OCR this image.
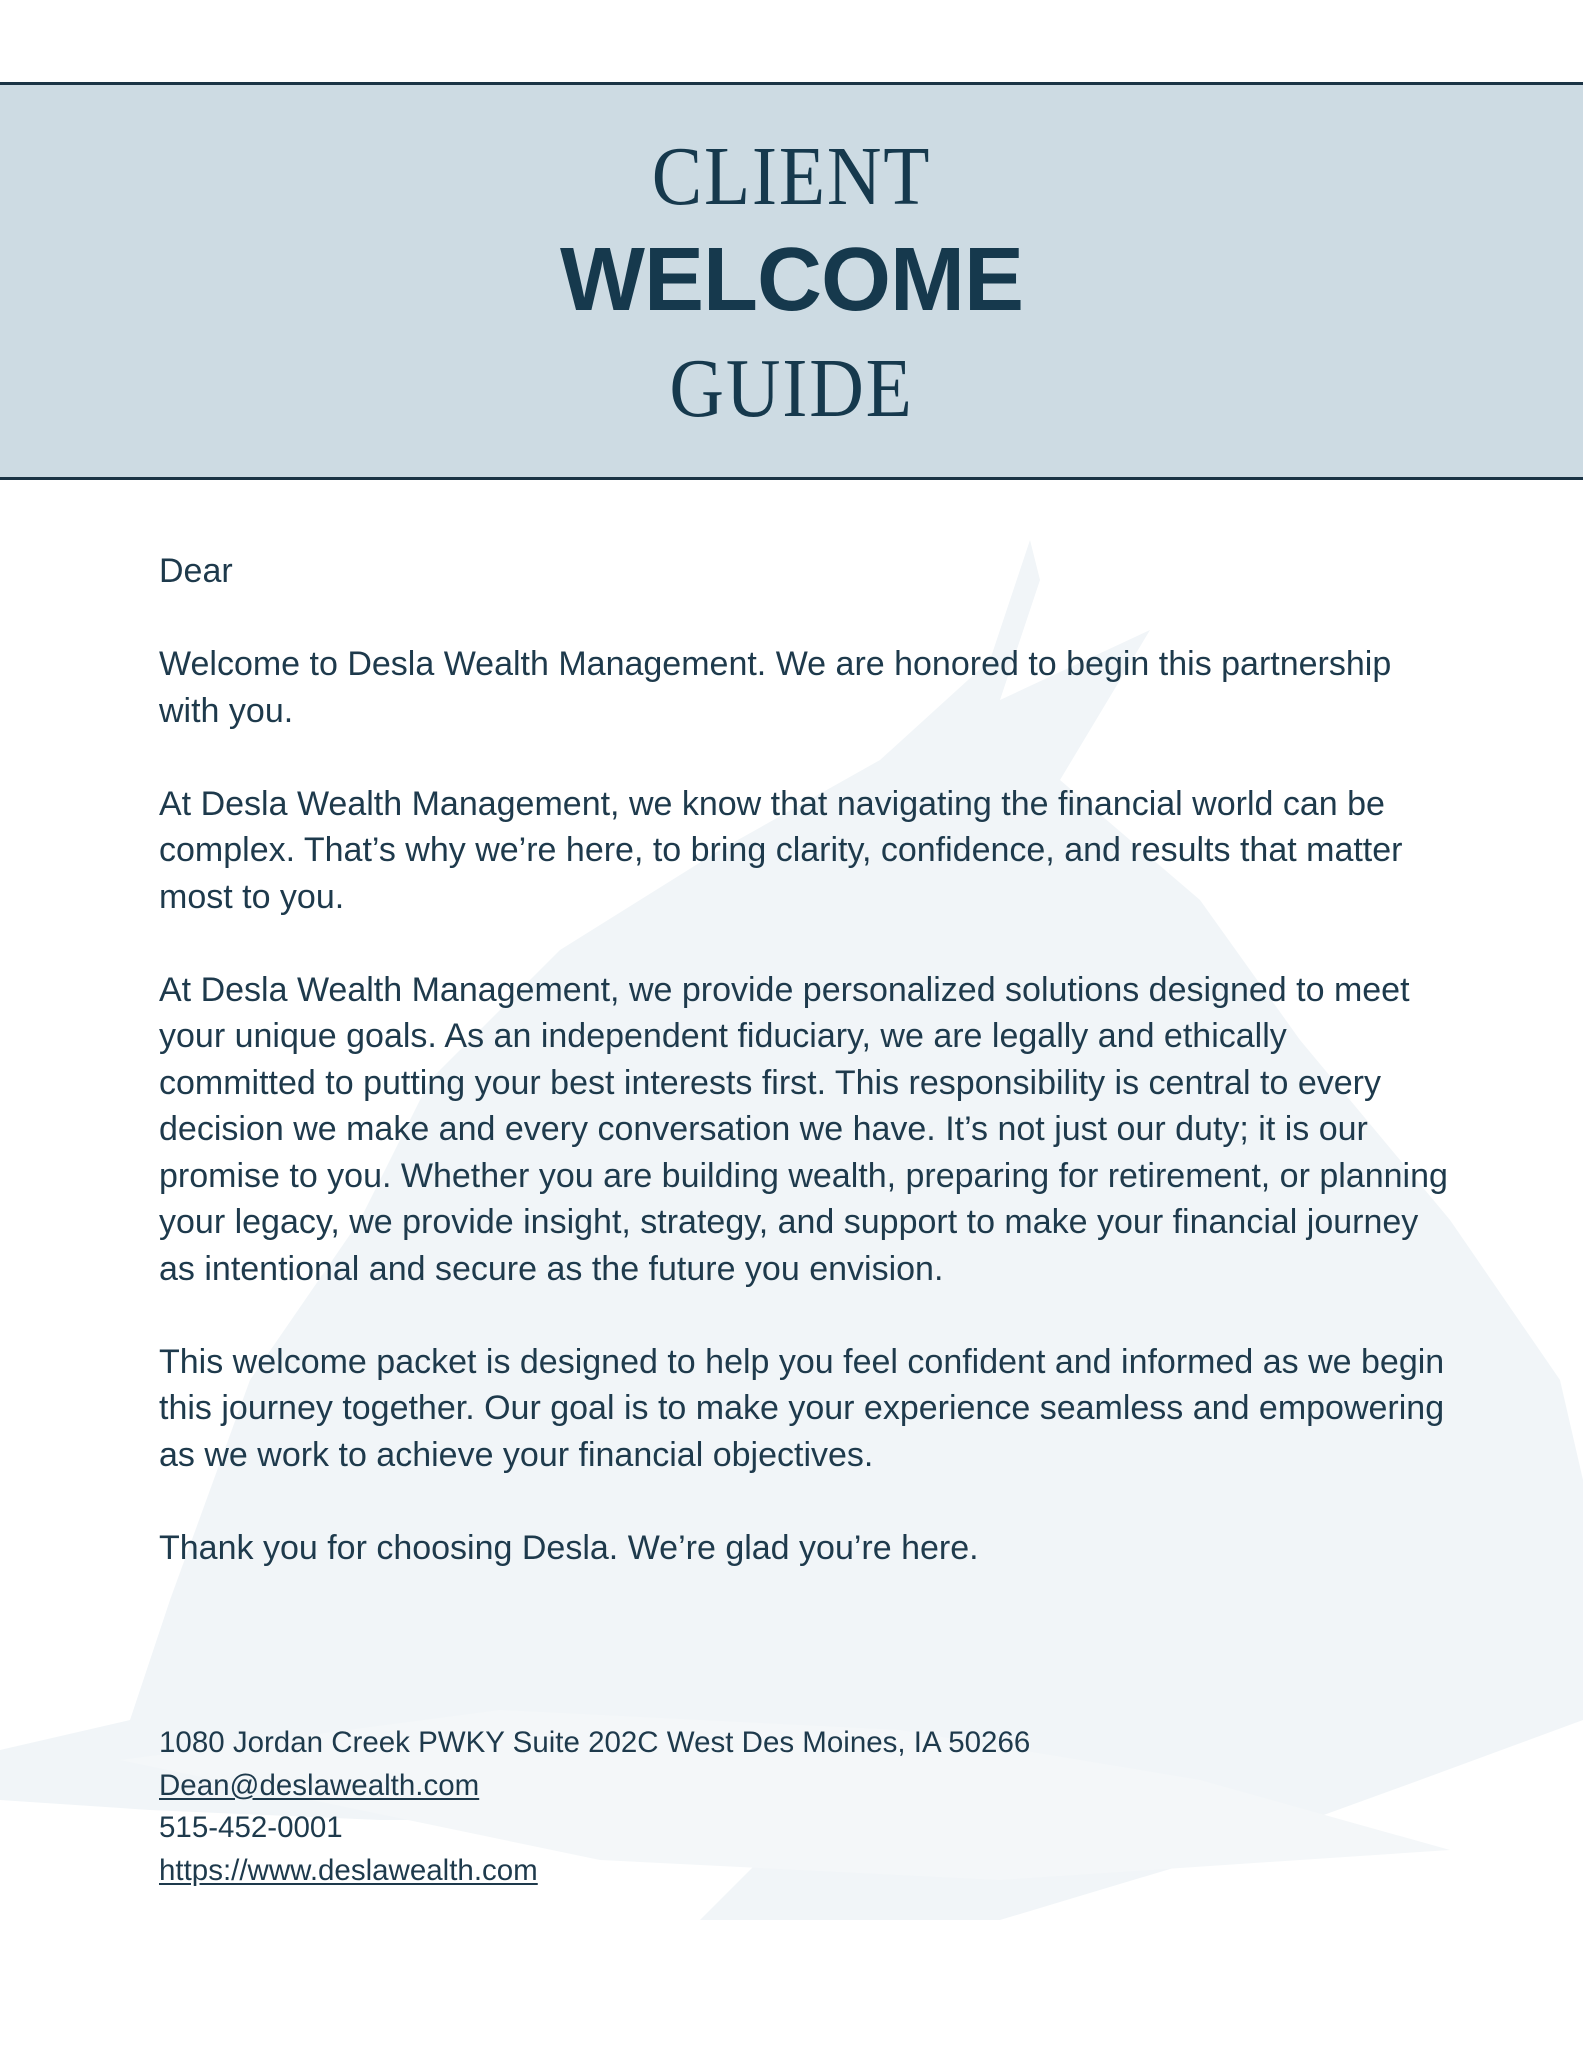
CLIENT
WELCOME
GUIDE

Dear

Welcome to Desla Wealth Management. We are honored to begin this partnership with you.

At Desla Wealth Management, we know that navigating the financial world can be complex. That’s why we’re here, to bring clarity, confidence, and results that matter most to you.

At Desla Wealth Management, we provide personalized solutions designed to meet your unique goals. As an independent fiduciary, we are legally and ethically committed to putting your best interests first. This responsibility is central to every decision we make and every conversation we have. It’s not just our duty; it is our promise to you. Whether you are building wealth, preparing for retirement, or planning your legacy, we provide insight, strategy, and support to make your financial journey as intentional and secure as the future you envision.

This welcome packet is designed to help you feel confident and informed as we begin this journey together. Our goal is to make your experience seamless and empowering as we work to achieve your financial objectives.

Thank you for choosing Desla. We’re glad you’re here.

1080 Jordan Creek PWKY Suite 202C West Des Moines, IA 50266
Dean@deslawealth.com
515-452-0001
https://www.deslawealth.com
